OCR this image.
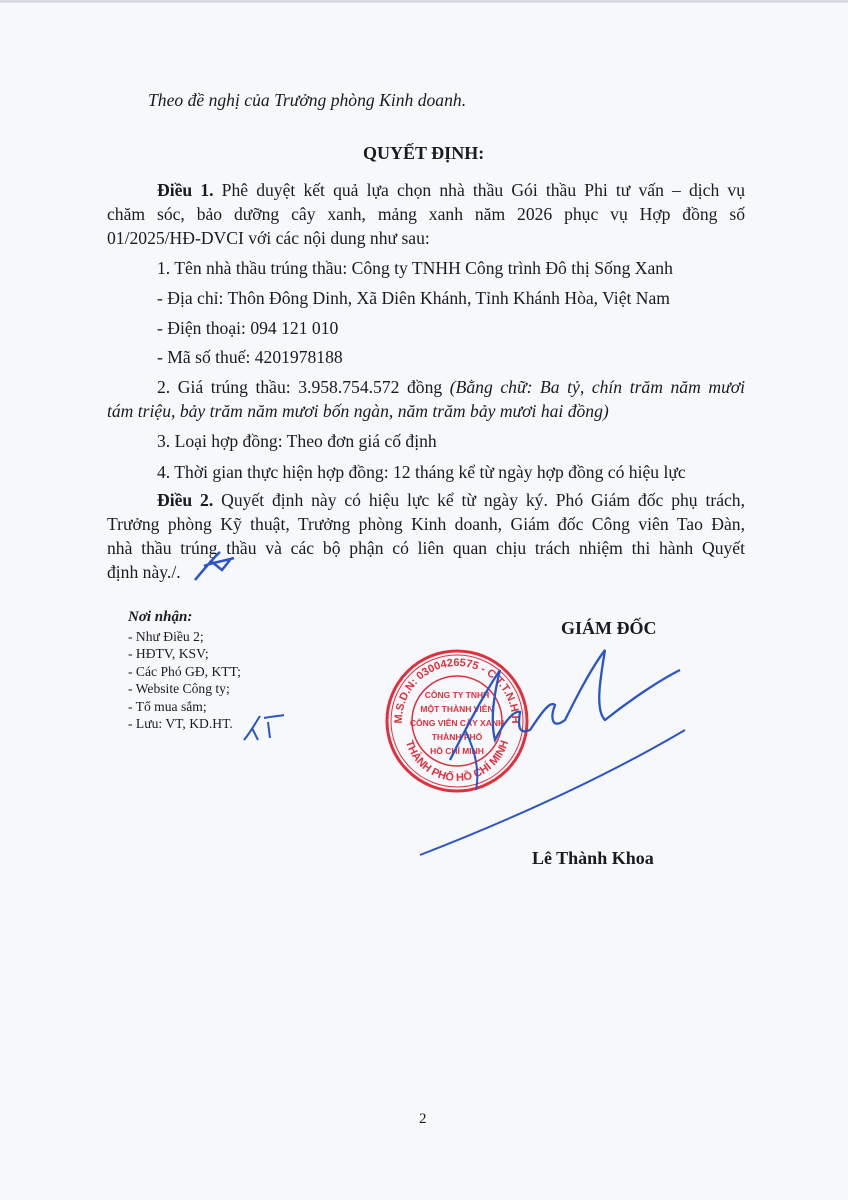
Theo đề nghị của Trưởng phòng Kinh doanh.
QUYẾT ĐỊNH:
Điều 1. Phê duyệt kết quả lựa chọn nhà thầu Gói thầu Phi tư vấn – dịch vụ
chăm sóc, bảo dưỡng cây xanh, mảng xanh năm 2026 phục vụ Hợp đồng số
01/2025/HĐ-DVCI với các nội dung như sau:
1. Tên nhà thầu trúng thầu: Công ty TNHH Công trình Đô thị Sống Xanh
- Địa chỉ: Thôn Đông Dinh, Xã Diên Khánh, Tỉnh Khánh Hòa, Việt Nam
- Điện thoại: 094 121 010
- Mã số thuế: 4201978188
2. Giá trúng thầu: 3.958.754.572 đồng (Bằng chữ: Ba tỷ, chín trăm năm mươi
tám triệu, bảy trăm năm mươi bốn ngàn, năm trăm bảy mươi hai đồng)
3. Loại hợp đồng: Theo đơn giá cố định
4. Thời gian thực hiện hợp đồng: 12 tháng kể từ ngày hợp đồng có hiệu lực
Điều 2. Quyết định này có hiệu lực kể từ ngày ký. Phó Giám đốc phụ trách,
Trưởng phòng Kỹ thuật, Trưởng phòng Kinh doanh, Giám đốc Công viên Tao Đàn,
nhà thầu trúng thầu và các bộ phận có liên quan chịu trách nhiệm thi hành Quyết
định này./.
Nơi nhận:
- Như Điều 2;
- HĐTV, KSV;
- Các Phó GĐ, KTT;
- Website Công ty;
- Tổ mua sắm;
- Lưu: VT, KD.HT.
GIÁM ĐỐC
M.S.D.N: 0300426575 - C.T.T.N.H.H
THÀNH PHỐ HỒ CHÍ MINH
CÔNG TY TNHH
MỘT THÀNH VIÊN
CÔNG VIÊN CÂY XANH
THÀNH PHỐ
HỒ CHÍ MINH
Lê Thành Khoa
2
